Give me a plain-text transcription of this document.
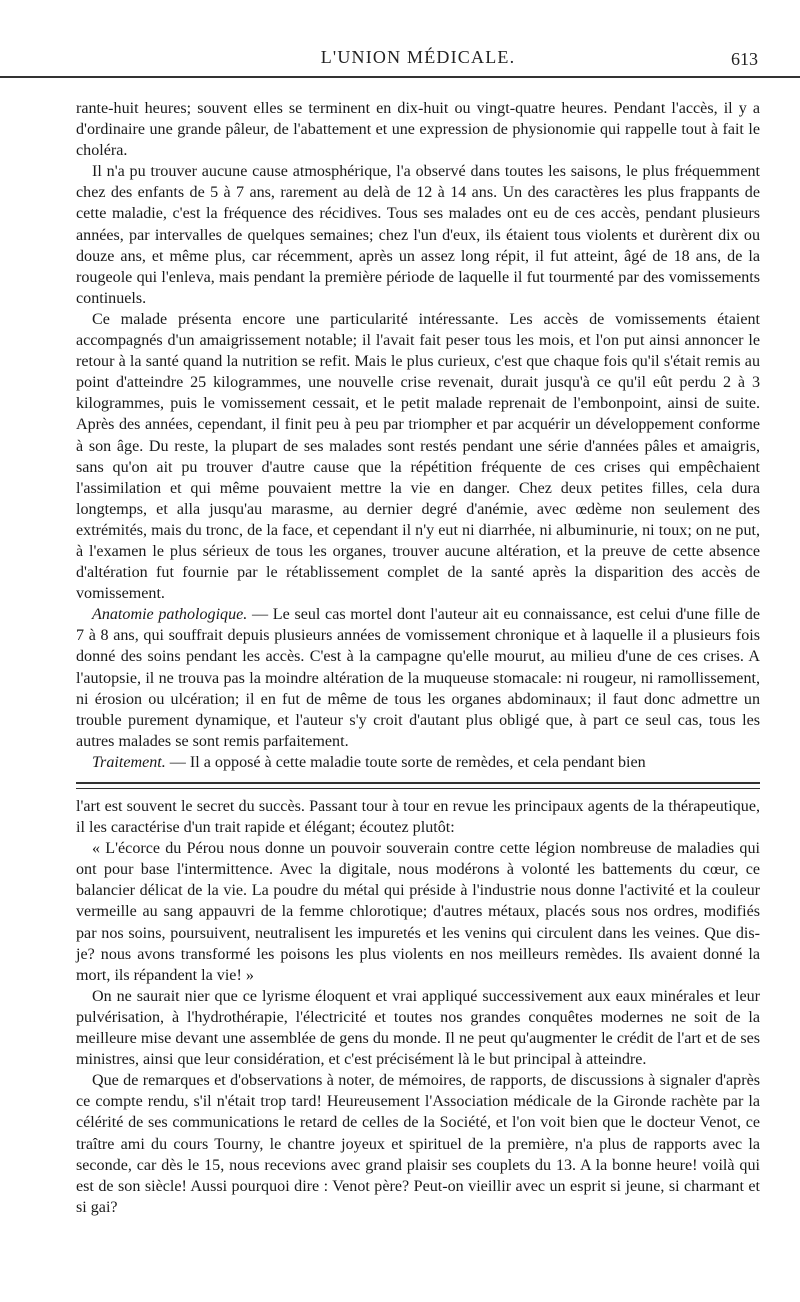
L'UNION MÉDICALE.	613

rante-huit heures; souvent elles se terminent en dix-huit ou vingt-quatre heures. Pendant l'accès, il y a d'ordinaire une grande pâleur, de l'abattement et une expression de physionomie qui rappelle tout à fait le choléra.

Il n'a pu trouver aucune cause atmosphérique, l'a observé dans toutes les saisons, le plus fréquemment chez des enfants de 5 à 7 ans, rarement au delà de 12 à 14 ans. Un des caractères les plus frappants de cette maladie, c'est la fréquence des récidives. Tous ses malades ont eu de ces accès, pendant plusieurs années, par intervalles de quelques semaines; chez l'un d'eux, ils étaient tous violents et durèrent dix ou douze ans, et même plus, car récemment, après un assez long répit, il fut atteint, âgé de 18 ans, de la rougeole qui l'enleva, mais pendant la première période de laquelle il fut tourmenté par des vomissements continuels.

Ce malade présenta encore une particularité intéressante. Les accès de vomissements étaient accompagnés d'un amaigrissement notable; il l'avait fait peser tous les mois, et l'on put ainsi annoncer le retour à la santé quand la nutrition se refit. Mais le plus curieux, c'est que chaque fois qu'il s'était remis au point d'atteindre 25 kilogrammes, une nouvelle crise revenait, durait jusqu'à ce qu'il eût perdu 2 à 3 kilogrammes, puis le vomissement cessait, et le petit malade reprenait de l'embonpoint, ainsi de suite. Après des années, cependant, il finit peu à peu par triompher et par acquérir un développement conforme à son âge. Du reste, la plupart de ses malades sont restés pendant une série d'années pâles et amaigris, sans qu'on ait pu trouver d'autre cause que la répétition fréquente de ces crises qui empêchaient l'assimilation et qui même pouvaient mettre la vie en danger. Chez deux petites filles, cela dura longtemps, et alla jusqu'au marasme, au dernier degré d'anémie, avec œdème non seulement des extrémités, mais du tronc, de la face, et cependant il n'y eut ni diarrhée, ni albuminurie, ni toux; on ne put, à l'examen le plus sérieux de tous les organes, trouver aucune altération, et la preuve de cette absence d'altération fut fournie par le rétablissement complet de la santé après la disparition des accès de vomissement.

Anatomie pathologique. — Le seul cas mortel dont l'auteur ait eu connaissance, est celui d'une fille de 7 à 8 ans, qui souffrait depuis plusieurs années de vomissement chronique et à laquelle il a plusieurs fois donné des soins pendant les accès. C'est à la campagne qu'elle mourut, au milieu d'une de ces crises. A l'autopsie, il ne trouva pas la moindre altération de la muqueuse stomacale: ni rougeur, ni ramollissement, ni érosion ou ulcération; il en fut de même de tous les organes abdominaux; il faut donc admettre un trouble purement dynamique, et l'auteur s'y croit d'autant plus obligé que, à part ce seul cas, tous les autres malades se sont remis parfaitement.

Traitement. — Il a opposé à cette maladie toute sorte de remèdes, et cela pendant bien

l'art est souvent le secret du succès. Passant tour à tour en revue les principaux agents de la thérapeutique, il les caractérise d'un trait rapide et élégant; écoutez plutôt:

« L'écorce du Pérou nous donne un pouvoir souverain contre cette légion nombreuse de maladies qui ont pour base l'intermittence. Avec la digitale, nous modérons à volonté les battements du cœur, ce balancier délicat de la vie. La poudre du métal qui préside à l'industrie nous donne l'activité et la couleur vermeille au sang appauvri de la femme chlorotique; d'autres métaux, placés sous nos ordres, modifiés par nos soins, poursuivent, neutralisent les impuretés et les venins qui circulent dans les veines. Que dis-je? nous avons transformé les poisons les plus violents en nos meilleurs remèdes. Ils avaient donné la mort, ils répandent la vie! »

On ne saurait nier que ce lyrisme éloquent et vrai appliqué successivement aux eaux minérales et leur pulvérisation, à l'hydrothérapie, l'électricité et toutes nos grandes conquêtes modernes ne soit de la meilleure mise devant une assemblée de gens du monde. Il ne peut qu'augmenter le crédit de l'art et de ses ministres, ainsi que leur considération, et c'est précisément là le but principal à atteindre.

Que de remarques et d'observations à noter, de mémoires, de rapports, de discussions à signaler d'après ce compte rendu, s'il n'était trop tard! Heureusement l'Association médicale de la Gironde rachète par la célérité de ses communications le retard de celles de la Société, et l'on voit bien que le docteur Venot, ce traître ami du cours Tourny, le chantre joyeux et spirituel de la première, n'a plus de rapports avec la seconde, car dès le 15, nous recevions avec grand plaisir ses couplets du 13. A la bonne heure! voilà qui est de son siècle! Aussi pourquoi dire : Venot père? Peut-on vieillir avec un esprit si jeune, si charmant et si gai?
